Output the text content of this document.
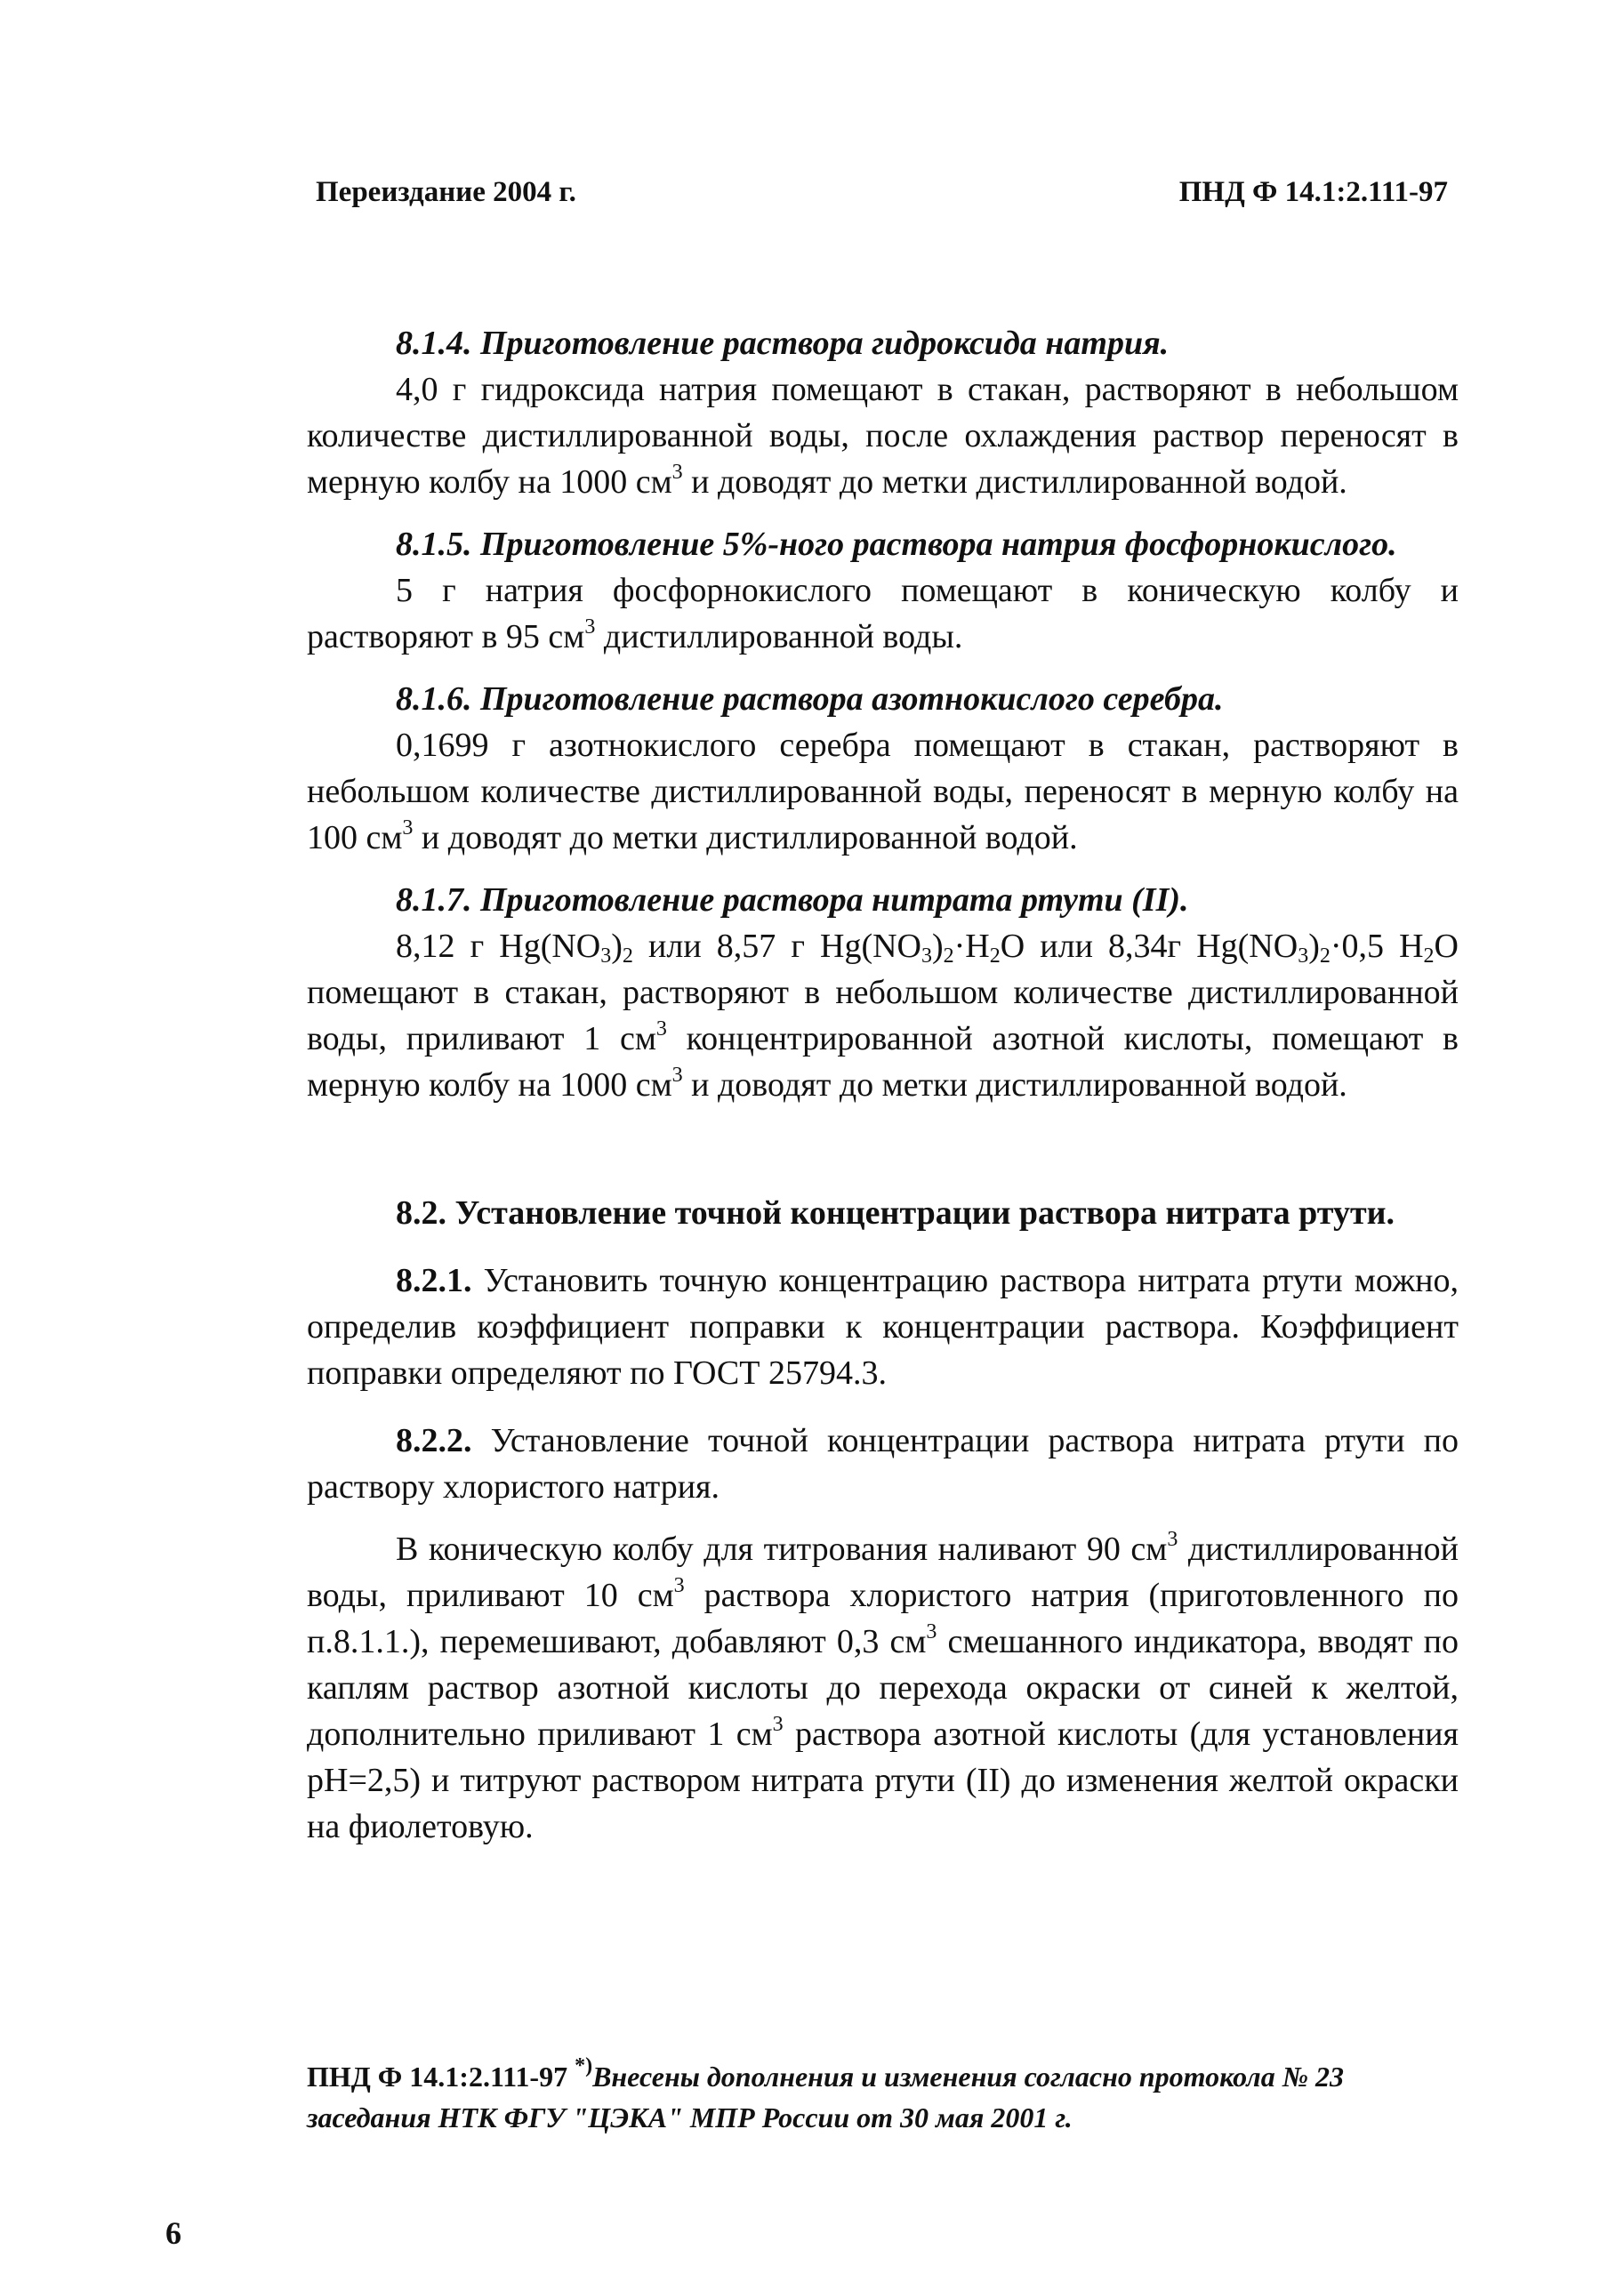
Переиздание 2004 г.	ПНД Ф 14.1:2.111-97

8.1.4. Приготовление раствора гидроксида натрия.

4,0 г гидроксида натрия помещают в стакан, растворяют в небольшом количестве дистиллированной воды, после охлаждения раствор переносят в мерную колбу на 1000 $см^3$ и доводят до метки дистиллированной водой.

8.1.5. Приготовление 5%-ного раствора натрия фосфорнокислого.

5 г натрия фосфорнокислого помещают в коническую колбу и растворяют в 95 $см^3$ дистиллированной воды.

8.1.6. Приготовление раствора азотнокислого серебра.

0,1699 г азотнокислого серебра помещают в стакан, растворяют в небольшом количестве дистиллированной воды, переносят в мерную колбу на 100 $см^3$ и доводят до метки дистиллированной водой.

8.1.7. Приготовление раствора нитрата ртути (II).

8,12 г $Hg(NO_3)_2$ или 8,57 г $Hg(NO_3)_2\cdot H_2O$ или 8,34г $Hg(NO_3)_2\cdot 0,5$ $H_2O$ помещают в стакан, растворяют в небольшом количестве дистиллированной воды, приливают 1 $см^3$ концентрированной азотной кислоты, помещают в мерную колбу на 1000 $см^3$ и доводят до метки дистиллированной водой.

8.2. Установление точной концентрации раствора нитрата ртути.

8.2.1. Установить точную концентрацию раствора нитрата ртути можно, определив коэффициент поправки к концентрации раствора. Коэффициент поправки определяют по ГОСТ 25794.3.

8.2.2. Установление точной концентрации раствора нитрата ртути по раствору хлористого натрия.

В коническую колбу для титрования наливают 90 $см^3$ дистиллированной воды, приливают 10 $см^3$ раствора хлористого натрия (приготовленного по п.8.1.1.), перемешивают, добавляют 0,3 $см^3$ смешанного индикатора, вводят по каплям раствор азотной кислоты до перехода окраски от синей к желтой, дополнительно приливают 1 $см^3$ раствора азотной кислоты (для установления pH=2,5) и титруют раствором нитрата ртути (II) до изменения желтой окраски на фиолетовую.

ПНД Ф 14.1:2.111-97 *)Внесены дополнения и изменения согласно протокола № 23 заседания НТК ФГУ "ЦЭКА" МПР России от 30 мая 2001 г.
6
